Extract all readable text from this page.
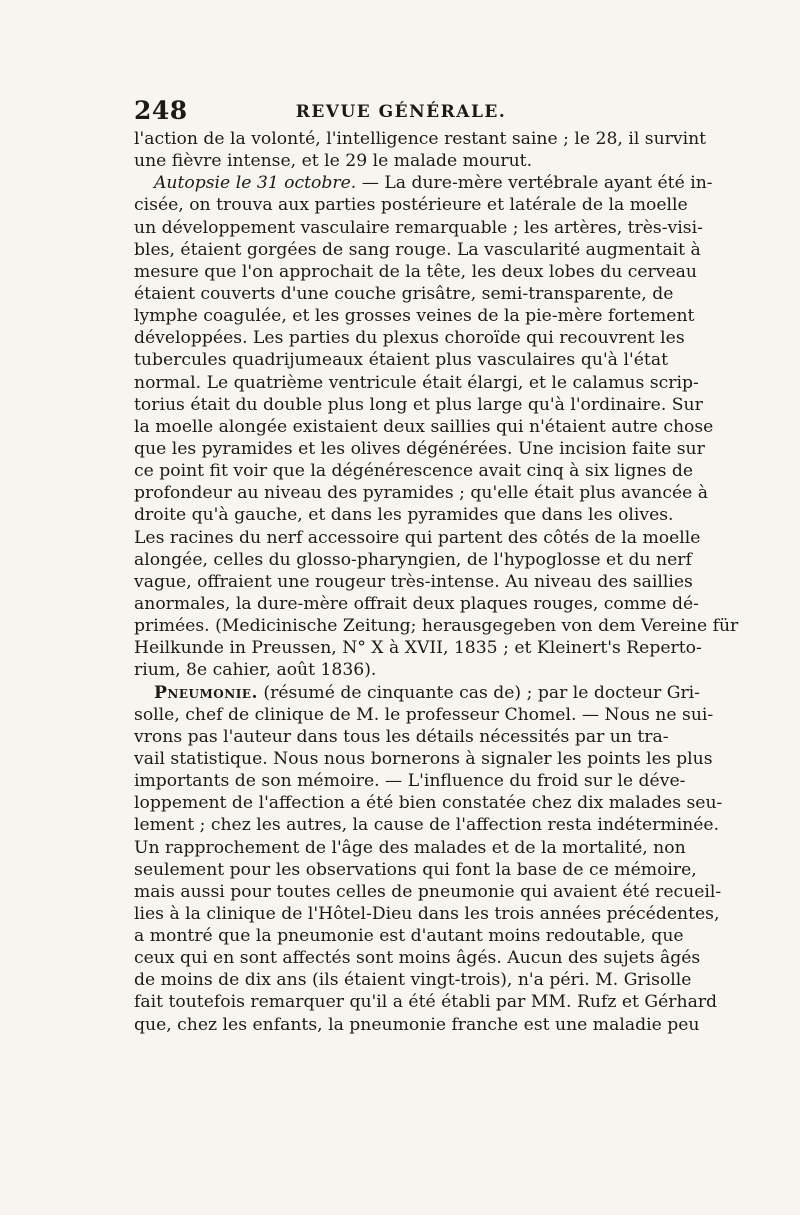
248	REVUE GÉNÉRALE.
l'action de la volonté, l'intelligence restant saine ; le 28, il survint
une fièvre intense, et le 29 le malade mourut.
Autopsie le 31 octobre. — La dure-mère vertébrale ayant été in-
cisée, on trouva aux parties postérieure et latérale de la moelle
un développement vasculaire remarquable ; les artères, très-visi-
bles, étaient gorgées de sang rouge. La vascularité augmentait à
mesure que l'on approchait de la tête, les deux lobes du cerveau
étaient couverts d'une couche grisâtre, semi-transparente, de
lymphe coagulée, et les grosses veines de la pie-mère fortement
développées. Les parties du plexus choroïde qui recouvrent les
tubercules quadrijumeaux étaient plus vasculaires qu'à l'état
normal. Le quatrième ventricule était élargi, et le calamus scrip-
torius était du double plus long et plus large qu'à l'ordinaire. Sur
la moelle alongée existaient deux saillies qui n'étaient autre chose
que les pyramides et les olives dégénérées. Une incision faite sur
ce point fit voir que la dégénérescence avait cinq à six lignes de
profondeur au niveau des pyramides ; qu'elle était plus avancée à
droite qu'à gauche, et dans les pyramides que dans les olives.
Les racines du nerf accessoire qui partent des côtés de la moelle
alongée, celles du glosso-pharyngien, de l'hypoglosse et du nerf
vague, offraient une rougeur très-intense. Au niveau des saillies
anormales, la dure-mère offrait deux plaques rouges, comme dé-
primées. (Medicinische Zeitung; herausgegeben von dem Vereine für
Heilkunde in Preussen, N° X à XVII, 1835 ; et Kleinert's Reperto-
rium, 8e cahier, août 1836).
Pneumonie. (résumé de cinquante cas de) ; par le docteur Gri-
solle, chef de clinique de M. le professeur Chomel. — Nous ne sui-
vrons pas l'auteur dans tous les détails nécessités par un tra-
vail statistique. Nous nous bornerons à signaler les points les plus
importants de son mémoire. — L'influence du froid sur le déve-
loppement de l'affection a été bien constatée chez dix malades seu-
lement ; chez les autres, la cause de l'affection resta indéterminée.
Un rapprochement de l'âge des malades et de la mortalité, non
seulement pour les observations qui font la base de ce mémoire,
mais aussi pour toutes celles de pneumonie qui avaient été recueil-
lies à la clinique de l'Hôtel-Dieu dans les trois années précédentes,
a montré que la pneumonie est d'autant moins redoutable, que
ceux qui en sont affectés sont moins âgés. Aucun des sujets âgés
de moins de dix ans (ils étaient vingt-trois), n'a péri. M. Grisolle
fait toutefois remarquer qu'il a été établi par MM. Rufz et Gérhard
que, chez les enfants, la pneumonie franche est une maladie peu
